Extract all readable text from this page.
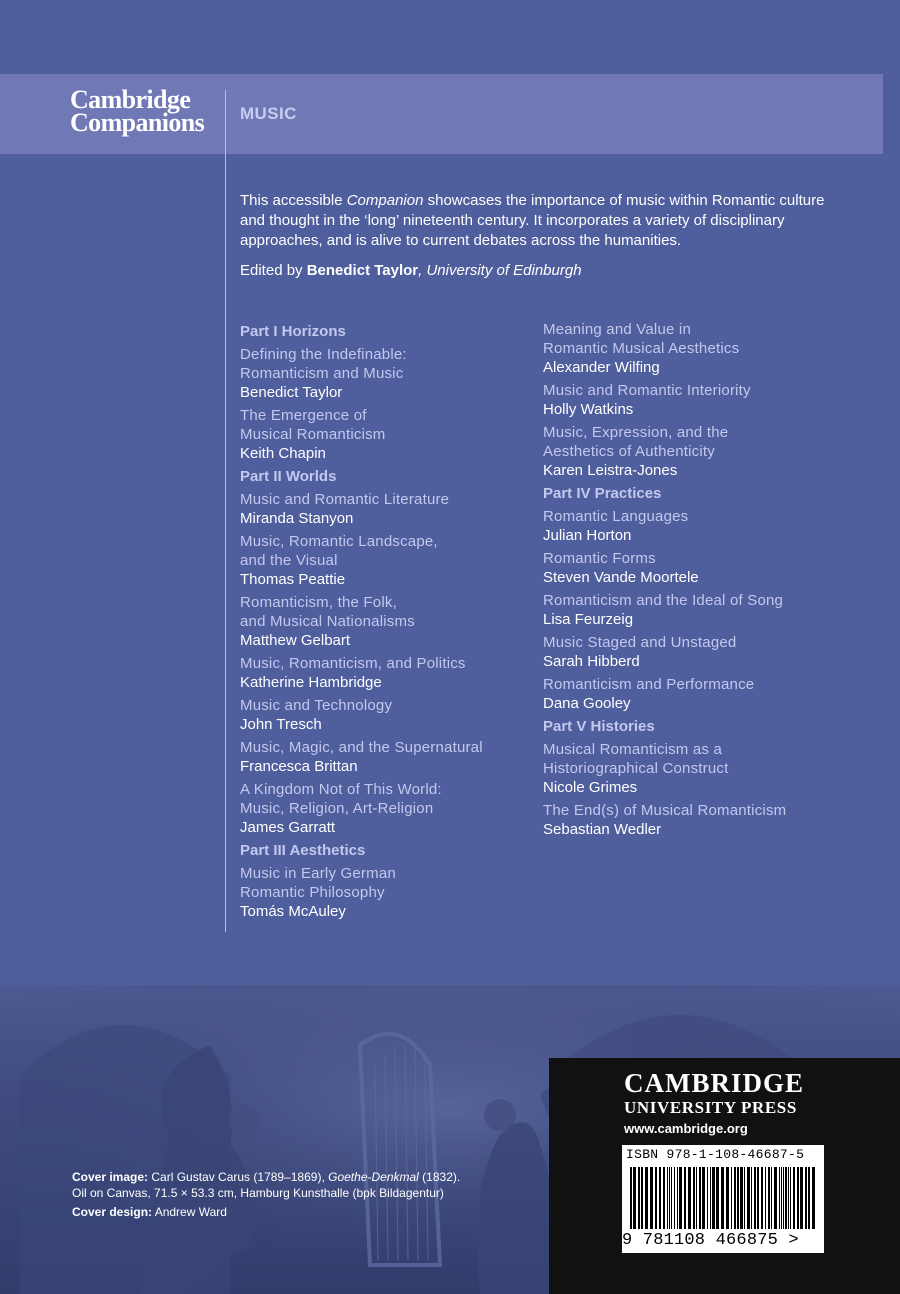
Cambridge
Companions	MUSIC

This accessible Companion showcases the importance of music within Romantic culture and thought in the ‘long’ nineteenth century. It incorporates a variety of disciplinary approaches, and is alive to current debates across the humanities.

Edited by Benedict Taylor, University of Edinburgh
Part I Horizons
Defining the Indefinable:
Romanticism and Music
Benedict Taylor
The Emergence of
Musical Romanticism
Keith Chapin
Part II Worlds
Music and Romantic Literature
Miranda Stanyon
Music, Romantic Landscape,
and the Visual
Thomas Peattie
Romanticism, the Folk,
and Musical Nationalisms
Matthew Gelbart
Music, Romanticism, and Politics
Katherine Hambridge
Music and Technology
John Tresch
Music, Magic, and the Supernatural
Francesca Brittan
A Kingdom Not of This World:
Music, Religion, Art-Religion
James Garratt
Part III Aesthetics
Music in Early German
Romantic Philosophy
Tomás McAuley
Meaning and Value in
Romantic Musical Aesthetics
Alexander Wilfing
Music and Romantic Interiority
Holly Watkins
Music, Expression, and the
Aesthetics of Authenticity
Karen Leistra-Jones
Part IV Practices
Romantic Languages
Julian Horton
Romantic Forms
Steven Vande Moortele
Romanticism and the Ideal of Song
Lisa Feurzeig
Music Staged and Unstaged
Sarah Hibberd
Romanticism and Performance
Dana Gooley
Part V Histories
Musical Romanticism as a
Historiographical Construct
Nicole Grimes
The End(s) of Musical Romanticism
Sebastian Wedler
Cover image: Carl Gustav Carus (1789–1869), Goethe-Denkmal (1832).
Oil on Canvas, 71.5 × 53.3 cm, Hamburg Kunsthalle (bpk Bildagentur)
Cover design: Andrew Ward
CAMBRIDGE
UNIVERSITY PRESS
www.cambridge.org
ISBN 978-1-108-46687-5
9 781108 466875 >
